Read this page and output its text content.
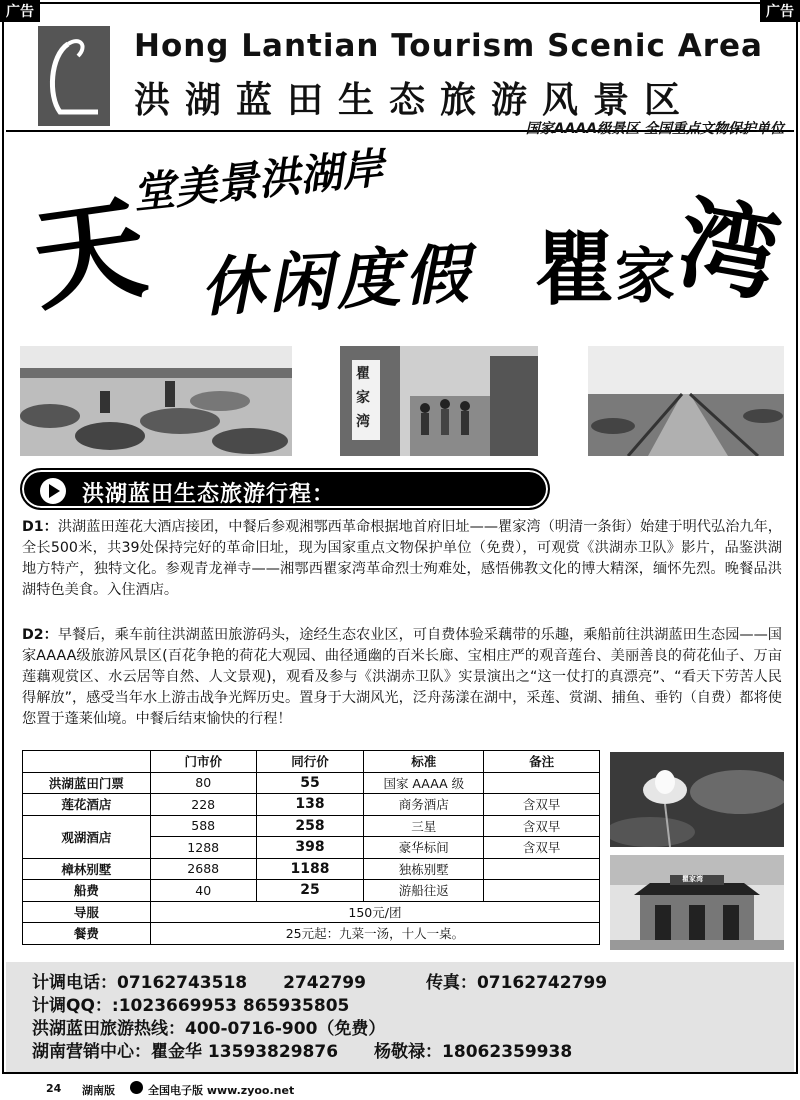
广告	广告
Hong Lantian Tourism Scenic Area
洪湖蓝田生态旅游风景区
国家AAAA级景区 全国重点文物保护单位
堂美景洪湖岸
天 休闲度假 瞿家
湾
瞿家湾
洪湖蓝田生态旅游行程：
D1：洪湖蓝田莲花大酒店接团，中餐后参观湘鄂西革命根据地首府旧址——瞿家湾（明清一条街）始建于明代弘治九年，全长500米，共39处保持完好的革命旧址，现为国家重点文物保护单位（免费），可观赏《洪湖赤卫队》影片，品鉴洪湖地方特产，独特文化。参观青龙禅寺——湘鄂西瞿家湾革命烈士殉难处，感悟佛教文化的博大精深，缅怀先烈。晚餐品洪湖特色美食。入住酒店。
D2：早餐后，乘车前往洪湖蓝田旅游码头，途经生态农业区，可自费体验采藕带的乐趣，乘船前往洪湖蓝田生态园——国家AAAA级旅游风景区(百花争艳的荷花大观园、曲径通幽的百米长廊、宝相庄严的观音莲台、美丽善良的荷花仙子、万亩莲藕观赏区、水云居等自然、人文景观)，观看及参与《洪湖赤卫队》实景演出之“这一仗打的真漂亮”、“看天下劳苦人民得解放”，感受当年水上游击战争光辉历史。置身于大湖风光，泛舟荡漾在湖中，采莲、赏湖、捕鱼、垂钓（自费）都将使您置于蓬莱仙境。中餐后结束愉快的行程！
	门市价	同行价	标准	备注
洪湖蓝田门票	80	55	国家 AAAA 级	
莲花酒店	228	138	商务酒店	含双早
观湖酒店	588	258	三星	含双早
	1288	398	豪华标间	含双早
樟林别墅	2688	1188	独栋别墅	
船费	40	25	游船往返	
导服	150元/团			
餐费	25元起：九菜一汤，十人一桌。			
瞿家湾
计调电话：07162743518 2742799	传真：07162742799
计调QQ：:1023669953 865935805
洪湖蓝田旅游热线：400-0716-900（免费）
湖南营销中心：瞿金华 13593829876 杨敬禄：18062359938
24 湖南版	全国电子版 www.zyoo.net
